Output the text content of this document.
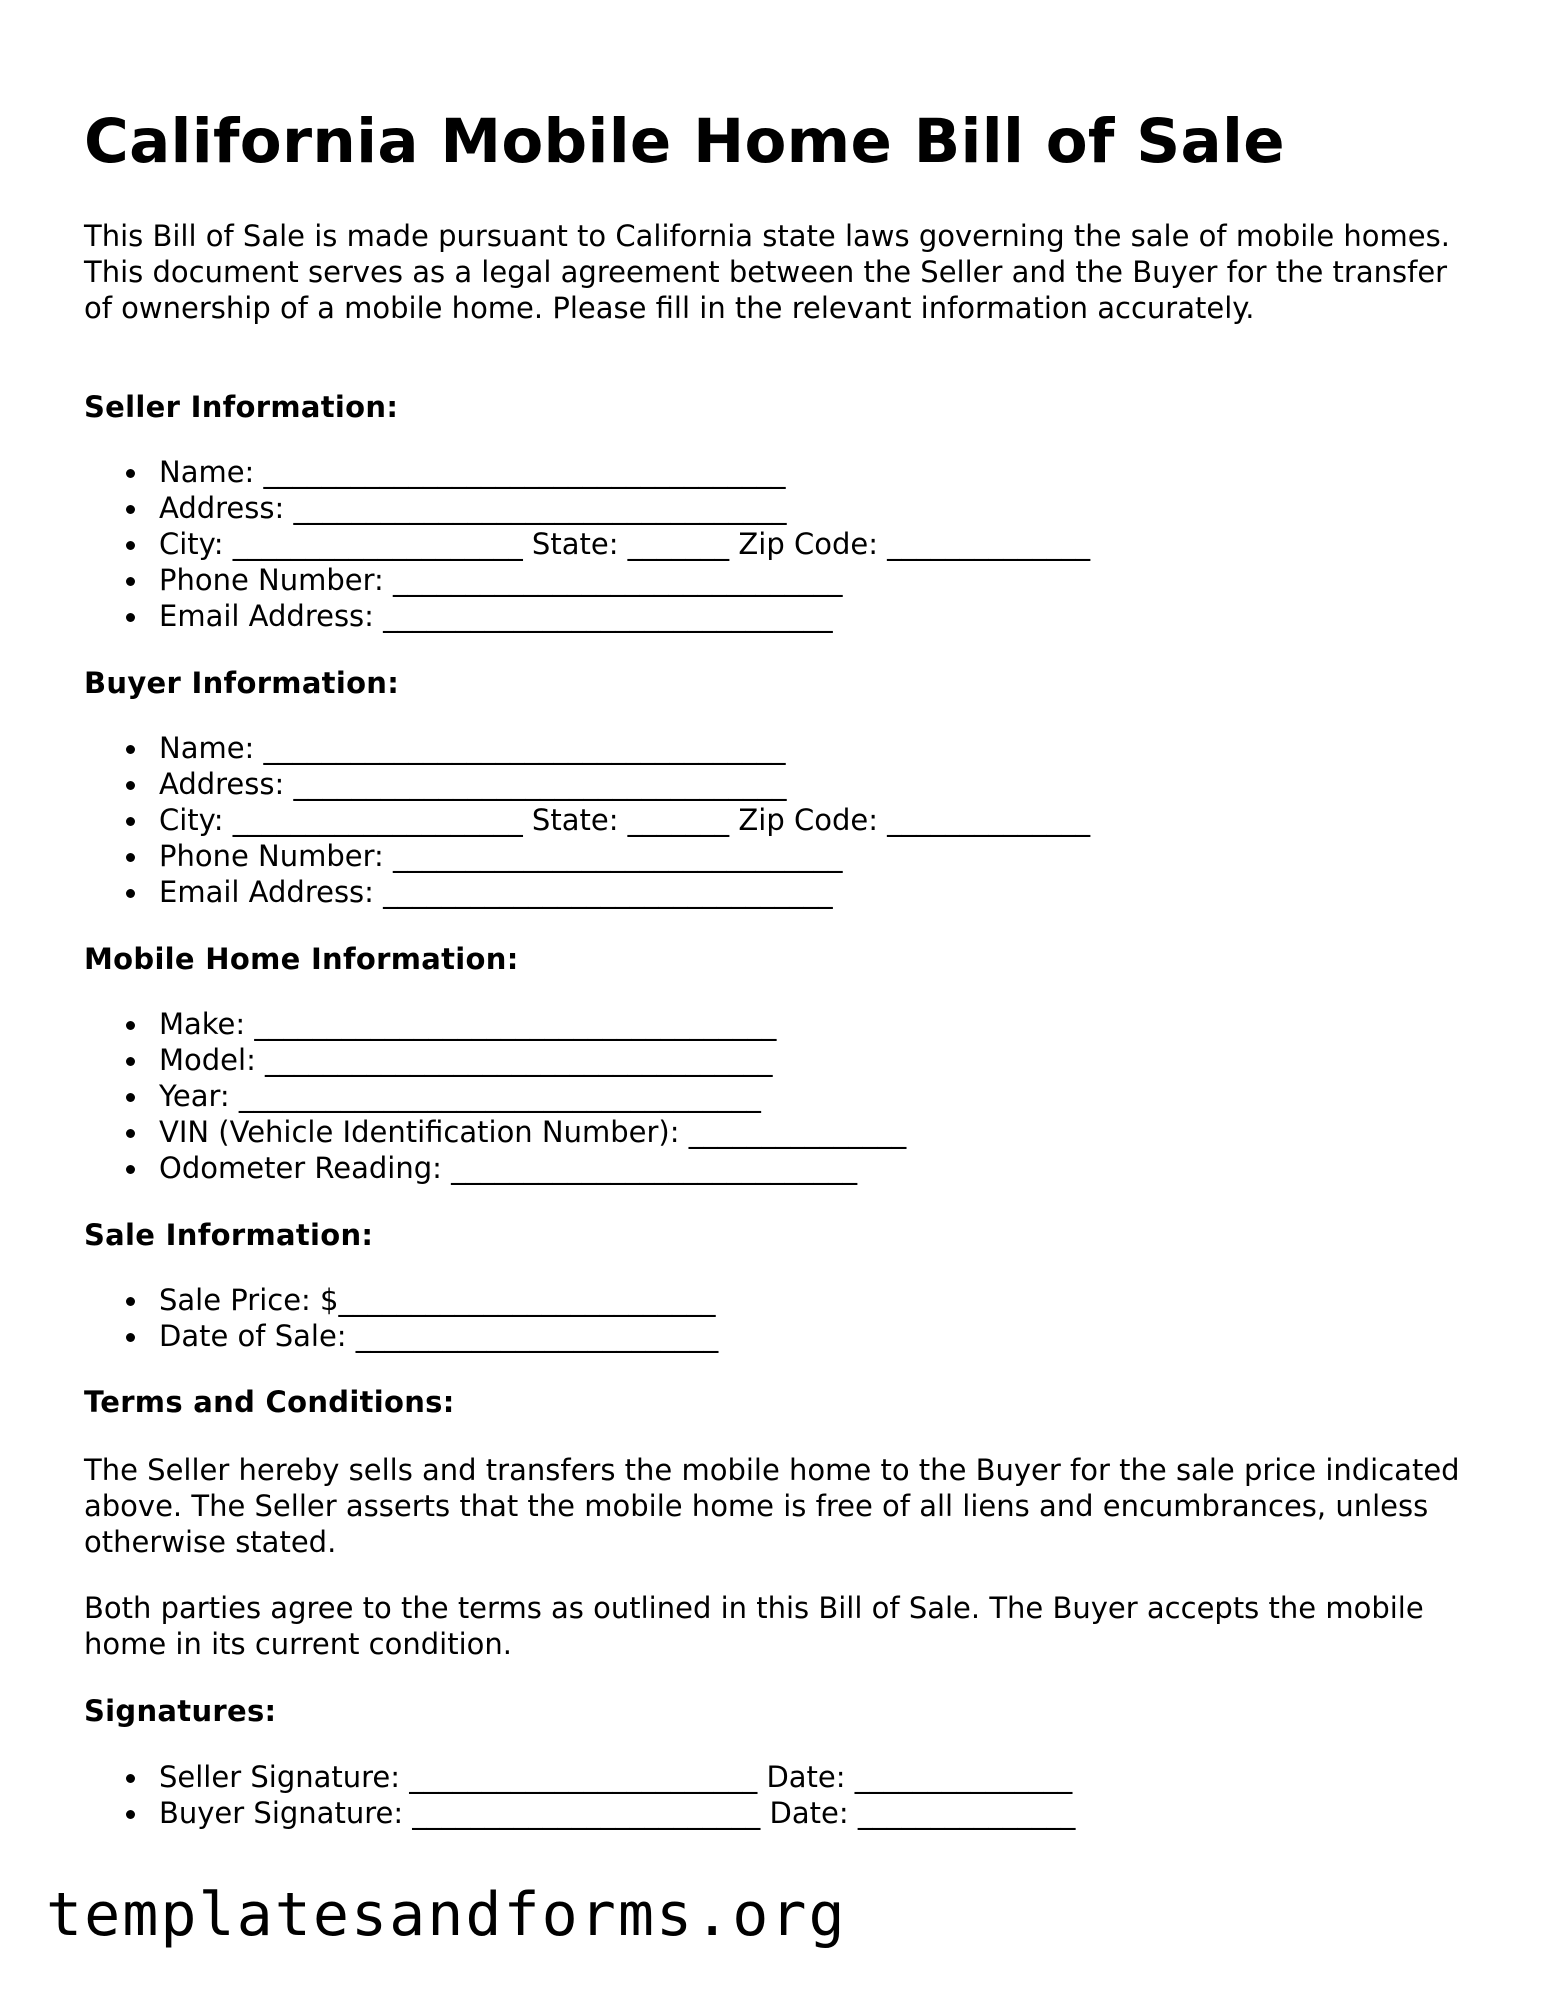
California Mobile Home Bill of Sale

This Bill of Sale is made pursuant to California state laws governing the sale of mobile homes. This document serves as a legal agreement between the Seller and the Buyer for the transfer of ownership of a mobile home. Please fill in the relevant information accurately.

Seller Information:
Name: ____________________________________
Address: __________________________________
City: ____________________ State: _______ Zip Code: ______________
Phone Number: _______________________________
Email Address: _______________________________
Buyer Information:
Name: ____________________________________
Address: __________________________________
City: ____________________ State: _______ Zip Code: ______________
Phone Number: _______________________________
Email Address: _______________________________
Mobile Home Information:
Make: ____________________________________
Model: ___________________________________
Year: ____________________________________
VIN (Vehicle Identification Number): _______________
Odometer Reading: ____________________________
Sale Information:
Sale Price: $__________________________
Date of Sale: _________________________
Terms and Conditions:

The Seller hereby sells and transfers the mobile home to the Buyer for the sale price indicated above. The Seller asserts that the mobile home is free of all liens and encumbrances, unless otherwise stated.

Both parties agree to the terms as outlined in this Bill of Sale. The Buyer accepts the mobile home in its current condition.

Signatures:
Seller Signature: ________________________ Date: _______________
Buyer Signature: ________________________ Date: _______________
templatesandforms.org
